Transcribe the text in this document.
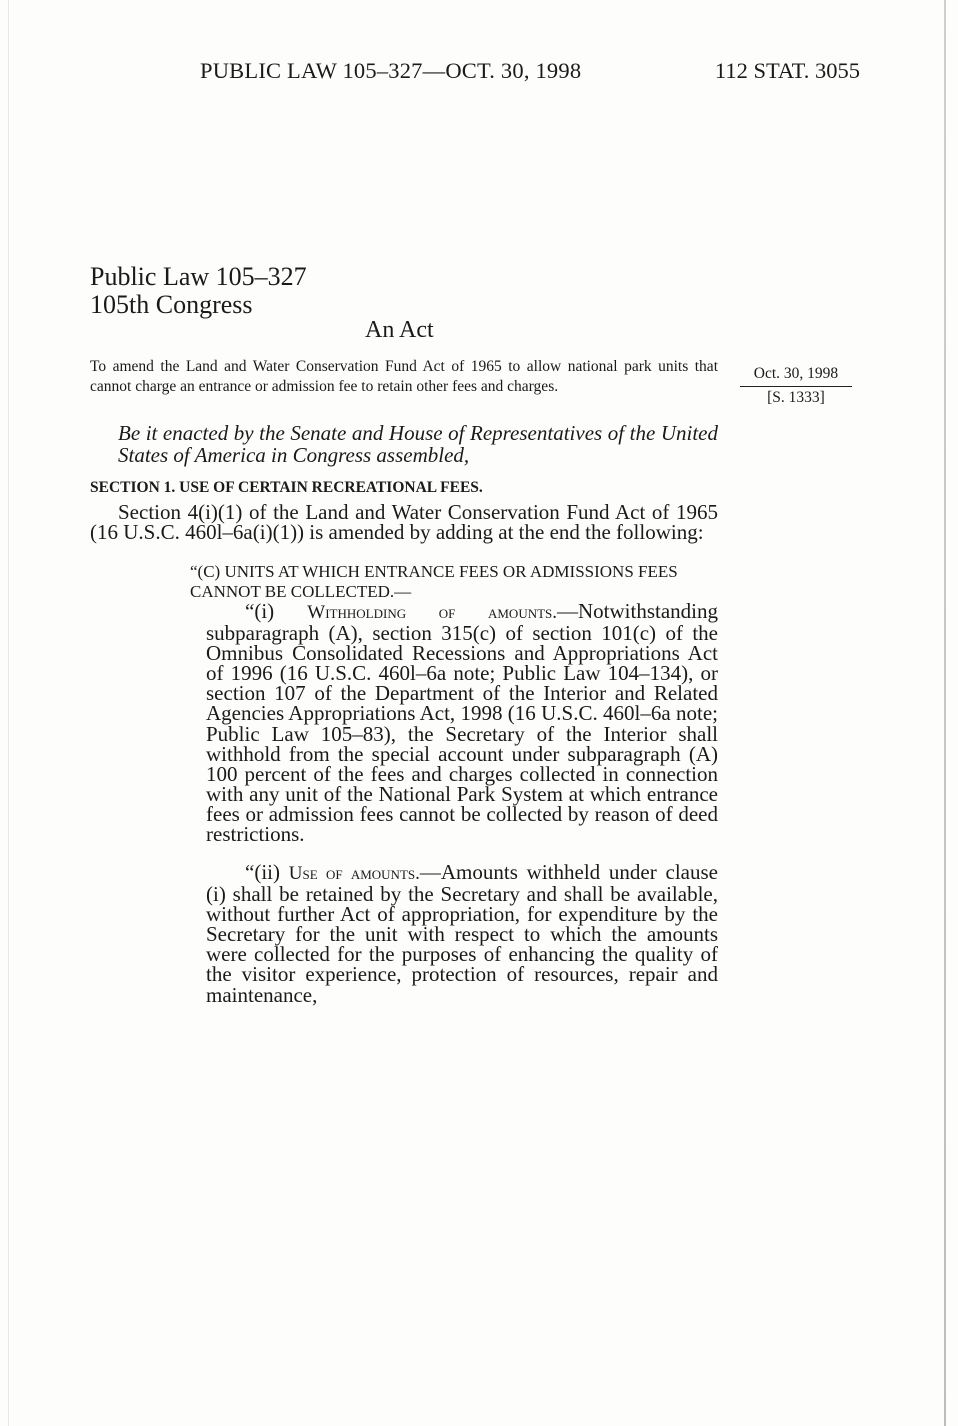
PUBLIC LAW 105–327—OCT. 30, 1998	112 STAT. 3055
Public Law 105–327
105th Congress
An Act
To amend the Land and Water Conservation Fund Act of 1965 to allow national park units that cannot charge an entrance or admission fee to retain other fees and charges.
Oct. 30, 1998
[S. 1333]
Be it enacted by the Senate and House of Representatives of the United States of America in Congress assembled,
SECTION 1. USE OF CERTAIN RECREATIONAL FEES.
Section 4(i)(1) of the Land and Water Conservation Fund Act of 1965 (16 U.S.C. 460l–6a(i)(1)) is amended by adding at the end the following:
“(C) UNITS AT WHICH ENTRANCE FEES OR ADMISSIONS FEES CANNOT BE COLLECTED.—
“(i) Withholding of amounts.—Notwithstanding subparagraph (A), section 315(c) of section 101(c) of the Omnibus Consolidated Recessions and Appropriations Act of 1996 (16 U.S.C. 460l–6a note; Public Law 104–134), or section 107 of the Department of the Interior and Related Agencies Appropriations Act, 1998 (16 U.S.C. 460l–6a note; Public Law 105–83), the Secretary of the Interior shall withhold from the special account under subparagraph (A) 100 percent of the fees and charges collected in connection with any unit of the National Park System at which entrance fees or admission fees cannot be collected by reason of deed restrictions.
“(ii) Use of amounts.—Amounts withheld under clause (i) shall be retained by the Secretary and shall be available, without further Act of appropriation, for expenditure by the Secretary for the unit with respect to which the amounts were collected for the purposes of enhancing the quality of the visitor experience, protection of resources, repair and maintenance,
